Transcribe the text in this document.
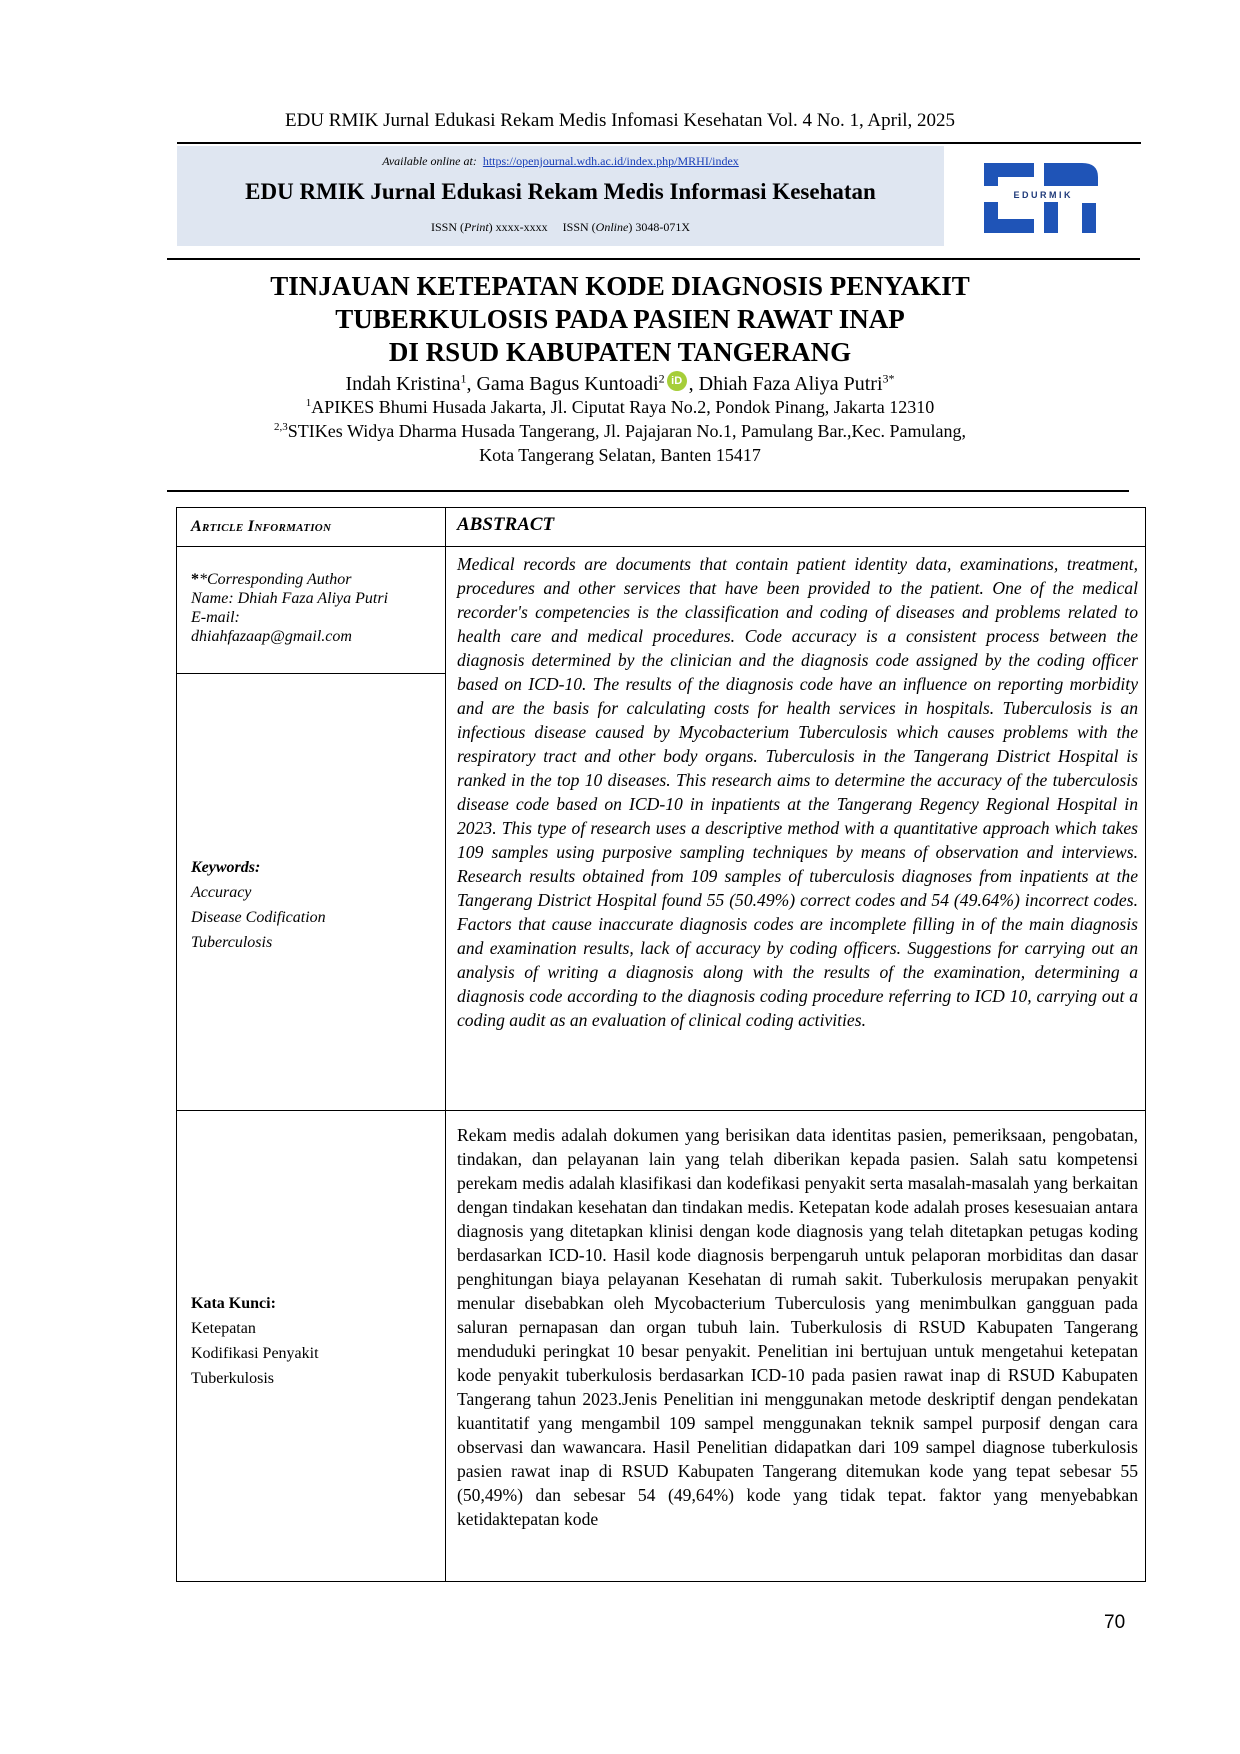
EDU RMIK Jurnal Edukasi Rekam Medis Infomasi Kesehatan Vol. 4 No. 1, April, 2025
Available online at: https://openjournal.wdh.ac.id/index.php/MRHI/index
EDU RMIK Jurnal Edukasi Rekam Medis Informasi Kesehatan
ISSN (Print) xxxx-xxxx     ISSN (Online) 3048-071X
E D U R M I K
TINJAUAN KETEPATAN KODE DIAGNOSIS PENYAKIT
TUBERKULOSIS PADA PASIEN RAWAT INAP
DI RSUD KABUPATEN TANGERANG
Indah Kristina$^1$, Gama Bagus Kuntoadi$^2$ iD , Dhiah Faza Aliya Putri$^{3*}$
$^1$APIKES Bhumi Husada Jakarta, Jl. Ciputat Raya No.2, Pondok Pinang, Jakarta 12310
$^{2,3}$STIKes Widya Dharma Husada Tangerang, Jl. Pajajaran No.1, Pamulang Bar.,Kec. Pamulang,
Kota Tangerang Selatan, Banten 15417
Article Information	ABSTRACT
**Corresponding Author
Name: Dhiah Faza Aliya Putri
E-mail:
dhiahfazaap@gmail.com
Keywords:
Accuracy
Disease Codification
Tuberculosis
Kata Kunci:
Ketepatan
Kodifikasi Penyakit
Tuberkulosis
Medical records are documents that contain patient identity data, examinations, treatment, procedures and other services that have been provided to the patient. One of the medical recorder's competencies is the classification and coding of diseases and problems related to health care and medical procedures. Code accuracy is a consistent process between the diagnosis determined by the clinician and the diagnosis code assigned by the coding officer based on ICD-10. The results of the diagnosis code have an influence on reporting morbidity and are the basis for calculating costs for health services in hospitals. Tuberculosis is an infectious disease caused by Mycobacterium Tuberculosis which causes problems with the respiratory tract and other body organs. Tuberculosis in the Tangerang District Hospital is ranked in the top 10 diseases. This research aims to determine the accuracy of the tuberculosis disease code based on ICD-10 in inpatients at the Tangerang Regency Regional Hospital in 2023. This type of research uses a descriptive method with a quantitative approach which takes 109 samples using purposive sampling techniques by means of observation and interviews. Research results obtained from 109 samples of tuberculosis diagnoses from inpatients at the Tangerang District Hospital found 55 (50.49%) correct codes and 54 (49.64%) incorrect codes. Factors that cause inaccurate diagnosis codes are incomplete filling in of the main diagnosis and examination results, lack of accuracy by coding officers. Suggestions for carrying out an analysis of writing a diagnosis along with the results of the examination, determining a diagnosis code according to the diagnosis coding procedure referring to ICD 10, carrying out a coding audit as an evaluation of clinical coding activities.
Rekam medis adalah dokumen yang berisikan data identitas pasien, pemeriksaan, pengobatan, tindakan, dan pelayanan lain yang telah diberikan kepada pasien. Salah satu kompetensi perekam medis adalah klasifikasi dan kodefikasi penyakit serta masalah-masalah yang berkaitan dengan tindakan kesehatan dan tindakan medis. Ketepatan kode adalah proses kesesuaian antara diagnosis yang ditetapkan klinisi dengan kode diagnosis yang telah ditetapkan petugas koding berdasarkan ICD-10. Hasil kode diagnosis berpengaruh untuk pelaporan morbiditas dan dasar penghitungan biaya pelayanan Kesehatan di rumah sakit. Tuberkulosis merupakan penyakit menular disebabkan oleh Mycobacterium Tuberculosis yang menimbulkan gangguan pada saluran pernapasan dan organ tubuh lain. Tuberkulosis di RSUD Kabupaten Tangerang menduduki peringkat 10 besar penyakit. Penelitian ini bertujuan untuk mengetahui ketepatan kode penyakit tuberkulosis berdasarkan ICD-10 pada pasien rawat inap di RSUD Kabupaten Tangerang tahun 2023.Jenis Penelitian ini menggunakan metode deskriptif dengan pendekatan kuantitatif yang mengambil 109 sampel menggunakan teknik sampel purposif dengan cara observasi dan wawancara. Hasil Penelitian didapatkan dari 109 sampel diagnose tuberkulosis pasien rawat inap di RSUD Kabupaten Tangerang ditemukan kode yang tepat sebesar 55 (50,49%) dan sebesar 54 (49,64%) kode yang tidak tepat. faktor yang menyebabkan ketidaktepatan kode
70
